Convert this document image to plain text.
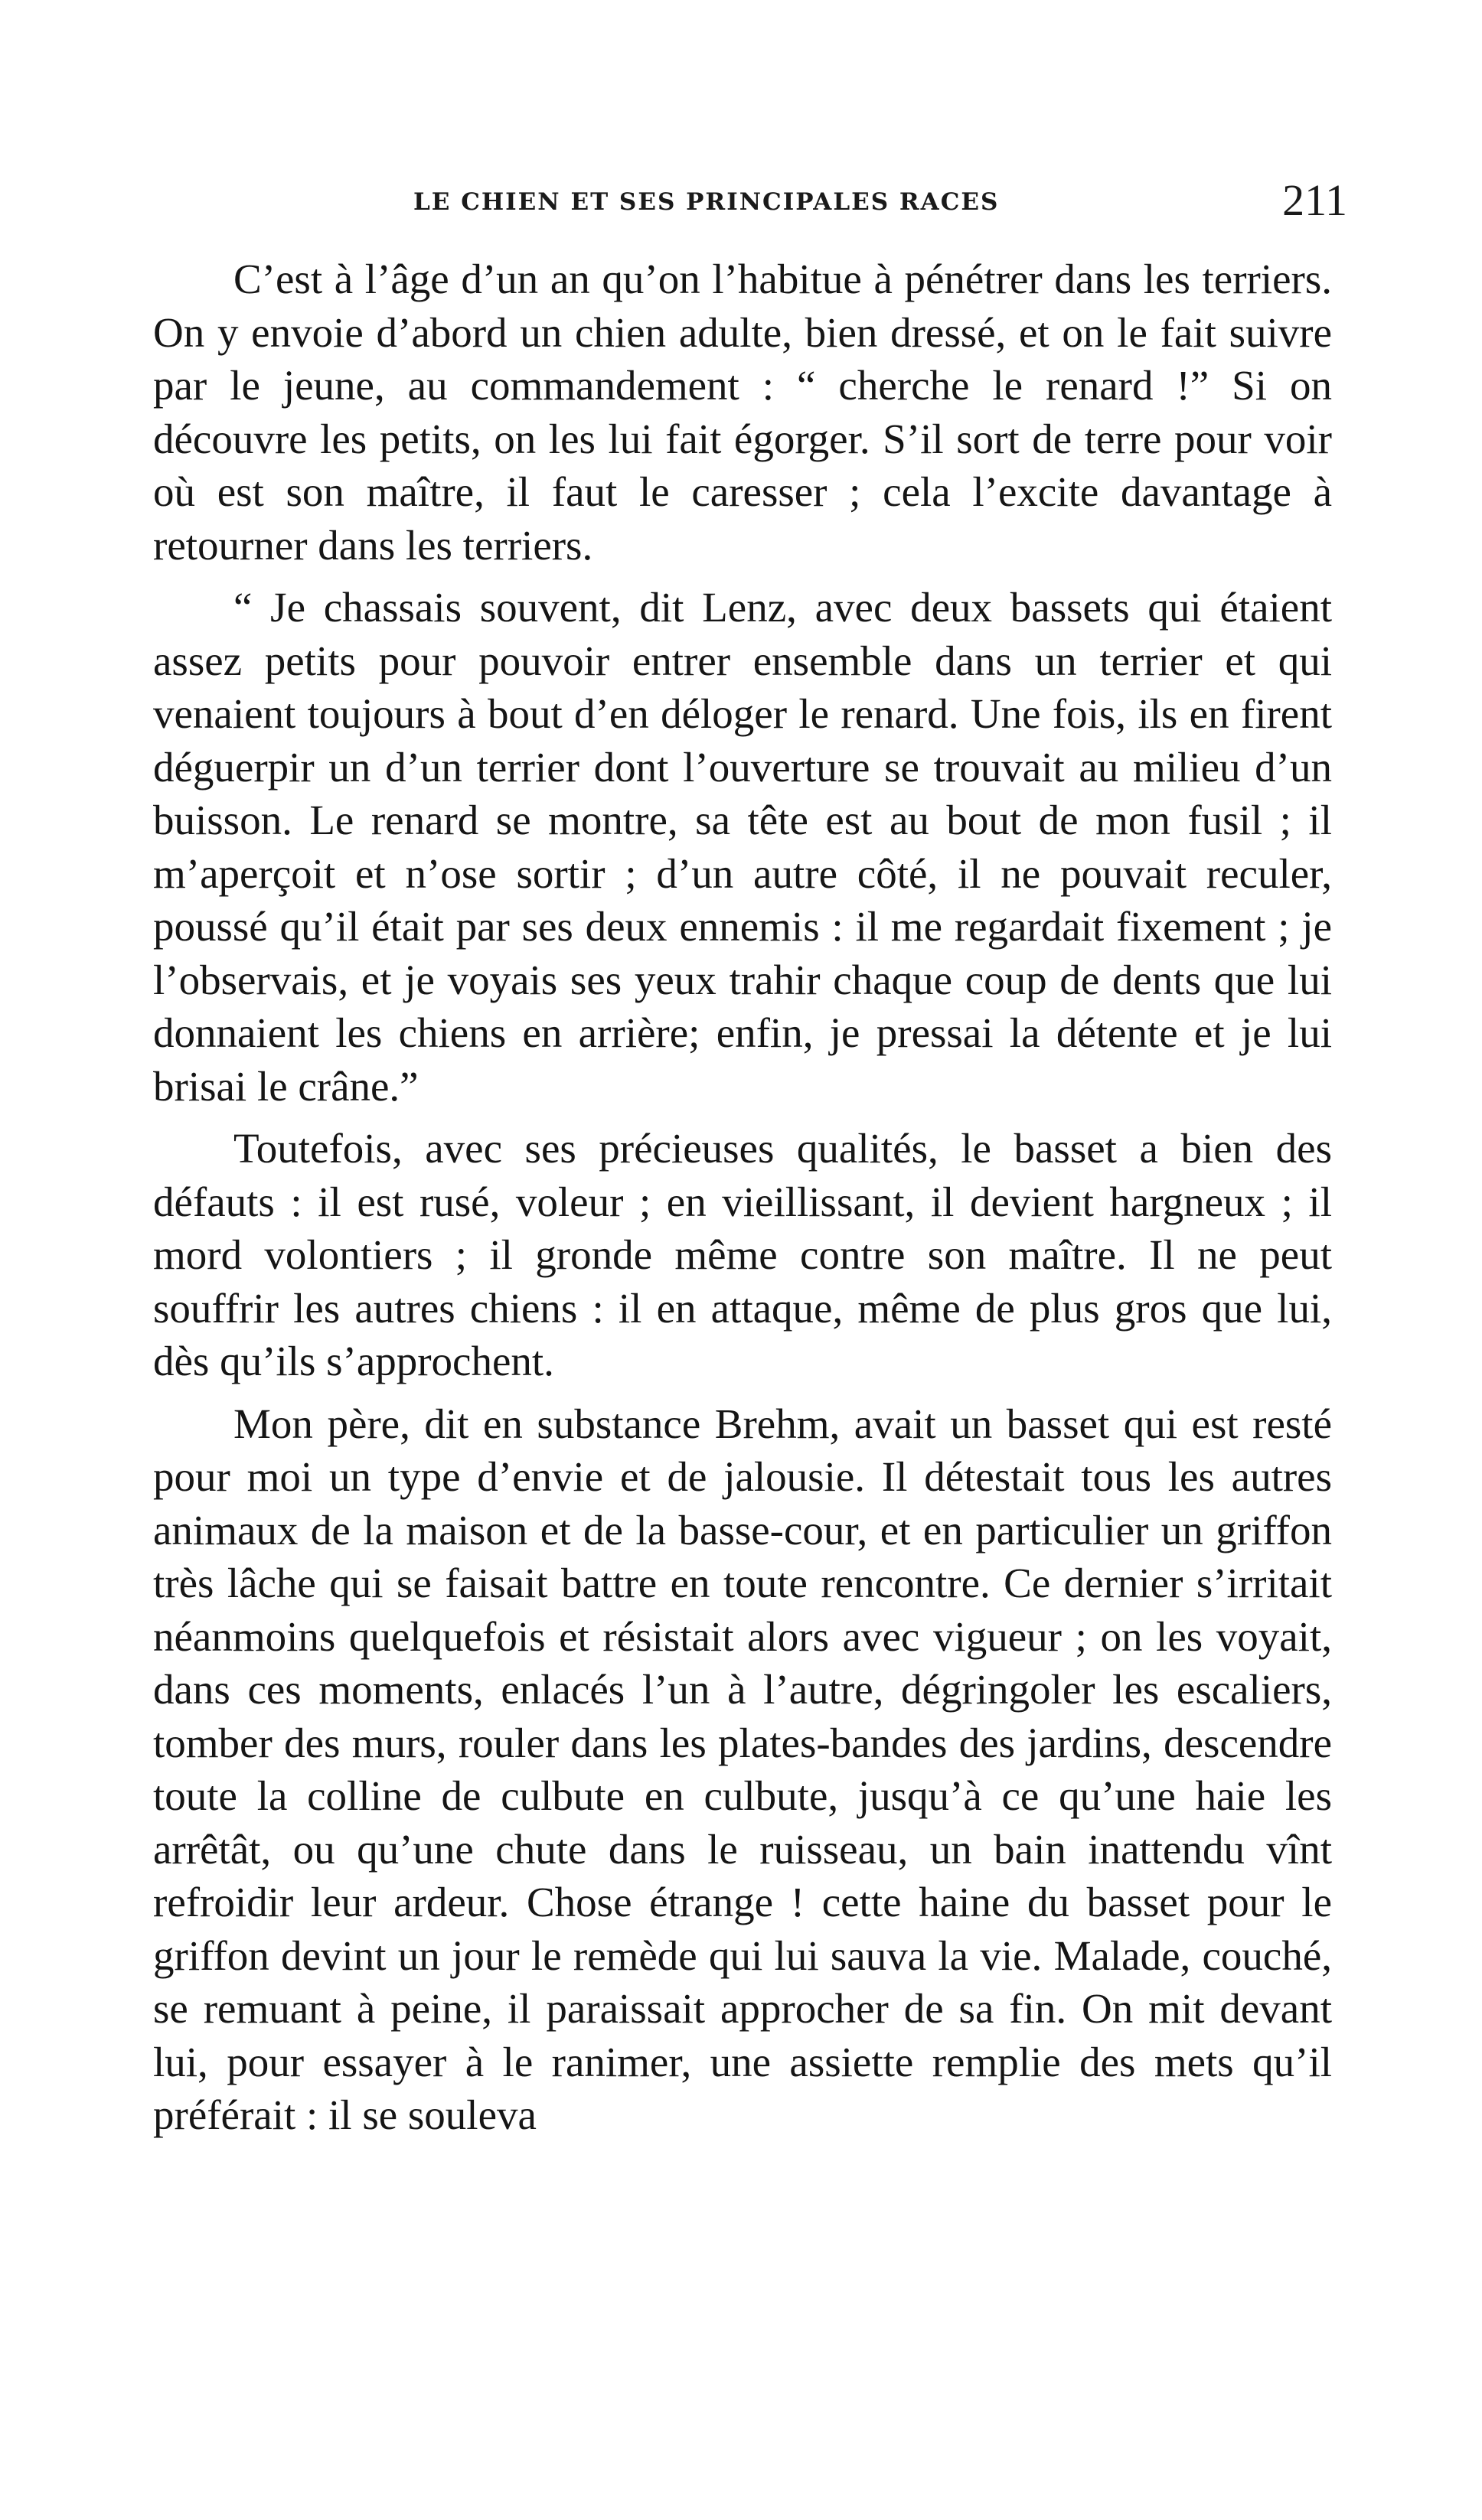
LE CHIEN ET SES PRINCIPALES RACES	211

C’est à l’âge d’un an qu’on l’habitue à pénétrer dans les terriers. On y envoie d’abord un chien adulte, bien dressé, et on le fait suivre par le jeune, au commandement : “ cherche le renard !” Si on découvre les petits, on les lui fait égorger. S’il sort de terre pour voir où est son maître, il faut le caresser ; cela l’excite davantage à retourner dans les terriers.

“ Je chassais souvent, dit Lenz, avec deux bassets qui étaient assez petits pour pouvoir entrer ensemble dans un terrier et qui venaient toujours à bout d’en déloger le renard. Une fois, ils en firent déguerpir un d’un terrier dont l’ouverture se trouvait au milieu d’un buisson. Le renard se montre, sa tête est au bout de mon fusil ; il m’aperçoit et n’ose sortir ; d’un autre côté, il ne pouvait reculer, poussé qu’il était par ses deux ennemis : il me regardait fixement ; je l’observais, et je voyais ses yeux trahir chaque coup de dents que lui donnaient les chiens en arrière; enfin, je pressai la détente et je lui brisai le crâne.”

Toutefois, avec ses précieuses qualités, le basset a bien des défauts : il est rusé, voleur ; en vieillissant, il devient hargneux ; il mord volontiers ; il gronde même contre son maître. Il ne peut souffrir les autres chiens : il en attaque, même de plus gros que lui, dès qu’ils s’approchent.

Mon père, dit en substance Brehm, avait un basset qui est resté pour moi un type d’envie et de jalousie. Il détestait tous les autres animaux de la maison et de la basse-cour, et en particulier un griffon très lâche qui se faisait battre en toute rencontre. Ce dernier s’irritait néanmoins quelquefois et résistait alors avec vigueur ; on les voyait, dans ces moments, enlacés l’un à l’autre, dégringoler les escaliers, tomber des murs, rouler dans les plates-bandes des jardins, descendre toute la colline de culbute en culbute, jusqu’à ce qu’une haie les arrêtât, ou qu’une chute dans le ruisseau, un bain inattendu vînt refroidir leur ardeur. Chose étrange ! cette haine du basset pour le griffon devint un jour le remède qui lui sauva la vie. Malade, couché, se remuant à peine, il paraissait approcher de sa fin. On mit devant lui, pour essayer à le ranimer, une assiette remplie des mets qu’il préférait : il se souleva
